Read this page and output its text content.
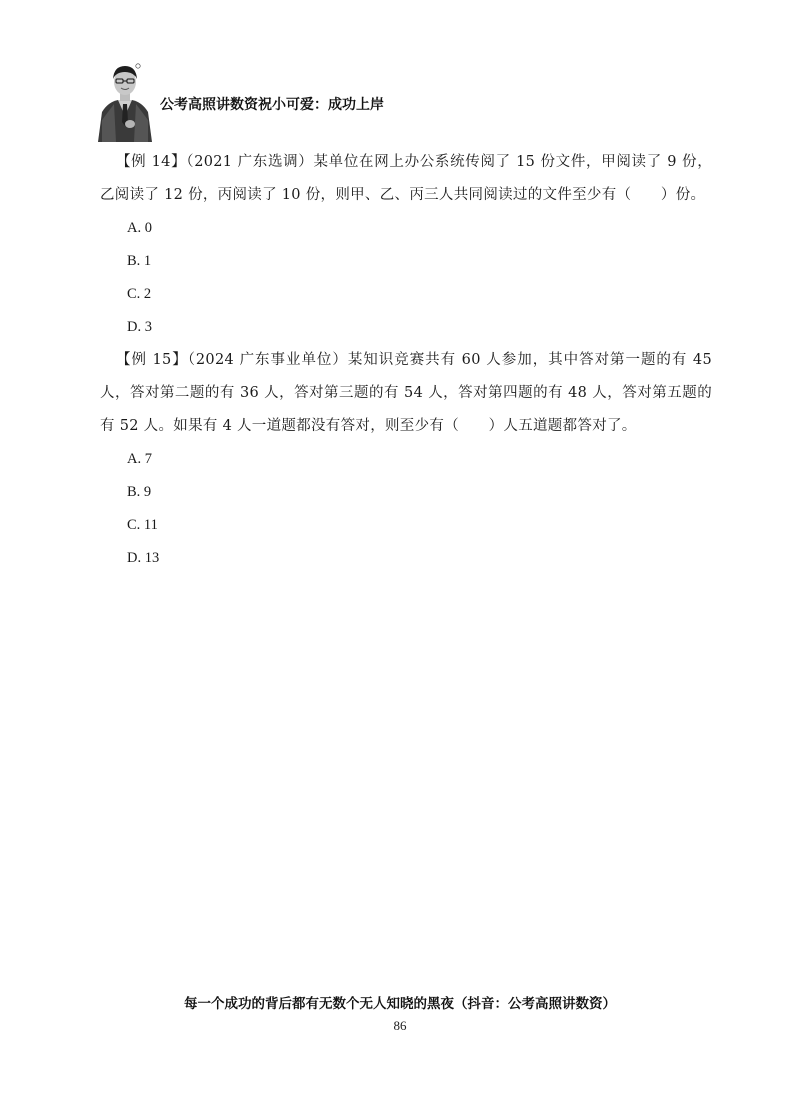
公考高照讲数资祝小可爱：成功上岸

【例 14】（2021 广东选调）某单位在网上办公系统传阅了 15 份文件，甲阅读了 9 份，乙阅读了 12 份，丙阅读了 10 份，则甲、乙、丙三人共同阅读过的文件至少有（　　）份。

A. 0

B. 1

C. 2

D. 3

【例 15】（2024 广东事业单位）某知识竞赛共有 60 人参加，其中答对第一题的有 45 人，答对第二题的有 36 人，答对第三题的有 54 人，答对第四题的有 48 人，答对第五题的有 52 人。如果有 4 人一道题都没有答对，则至少有（　　）人五道题都答对了。

A. 7

B. 9

C. 11

D. 13

每一个成功的背后都有无数个无人知晓的黑夜（抖音：公考高照讲数资）
86
